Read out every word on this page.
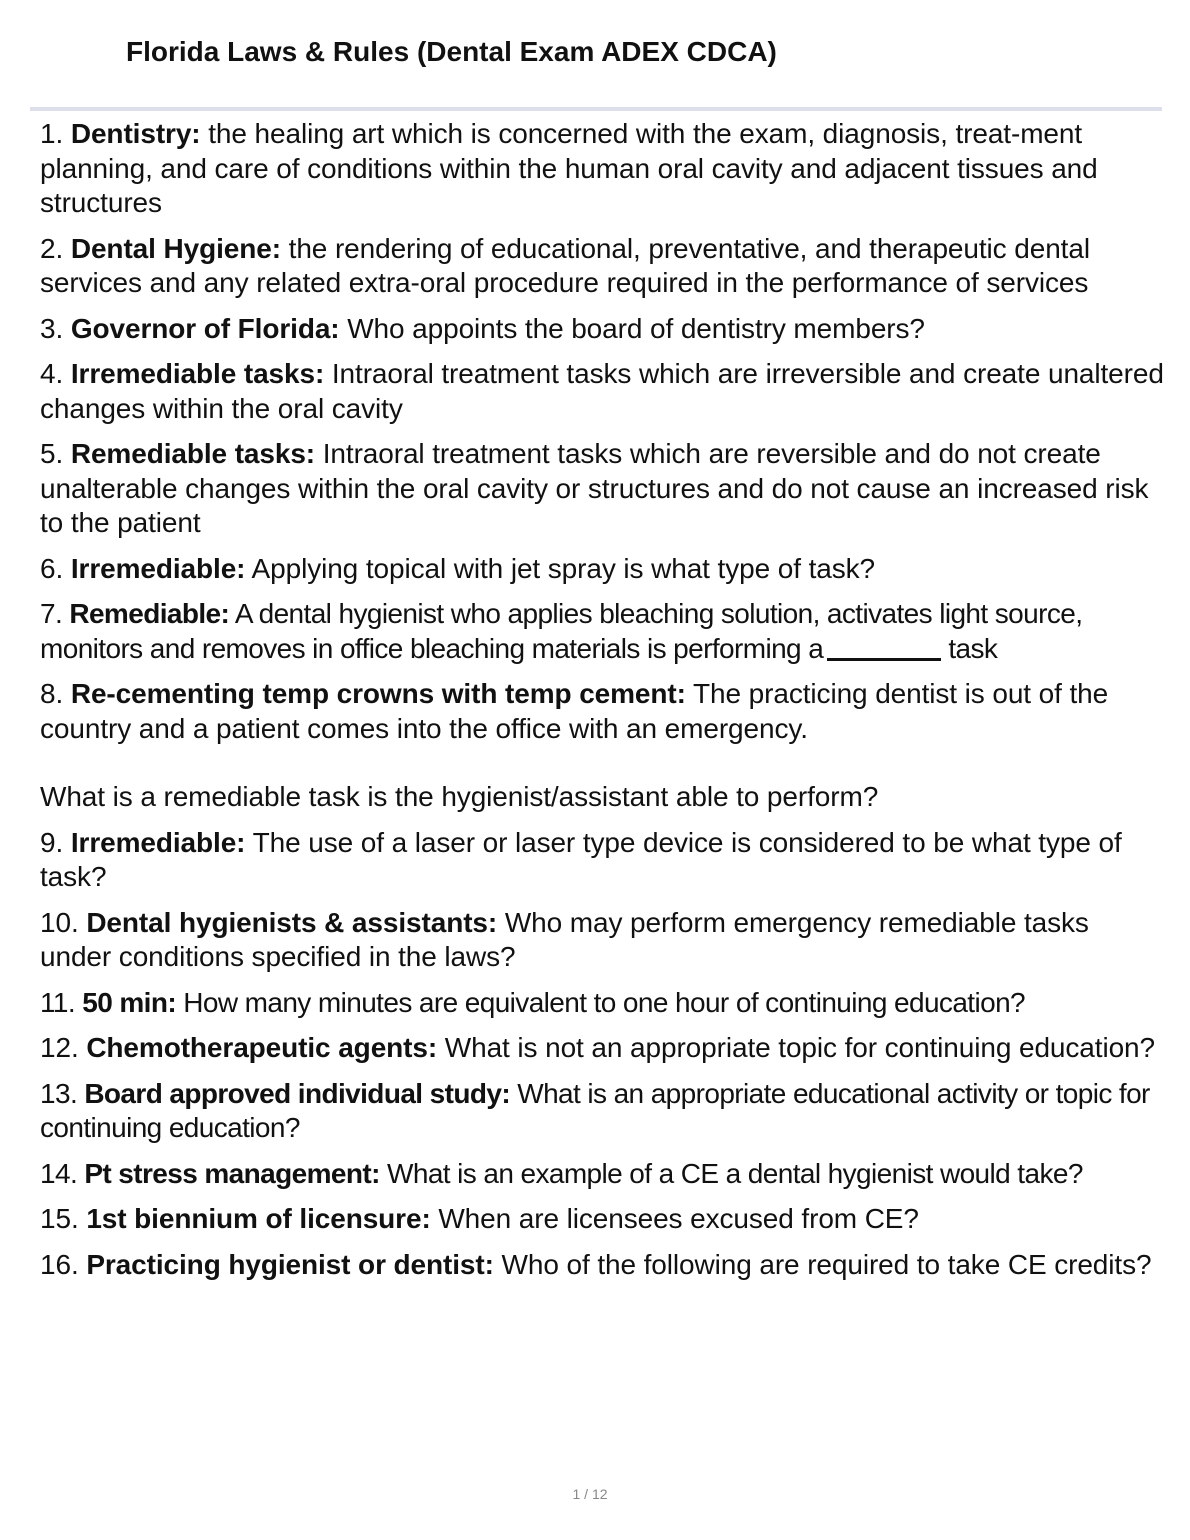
Florida Laws & Rules (Dental Exam ADEX CDCA)
1. Dentistry: the healing art which is concerned with the exam, diagnosis, treat-ment planning, and care of conditions within the human oral cavity and adjacent tissues and structures
2. Dental Hygiene: the rendering of educational, preventative, and therapeutic dental services and any related extra-oral procedure required in the performance of services
3. Governor of Florida: Who appoints the board of dentistry members?
4. Irremediable tasks: Intraoral treatment tasks which are irreversible and create unaltered changes within the oral cavity
5. Remediable tasks: Intraoral treatment tasks which are reversible and do not create unalterable changes within the oral cavity or structures and do not cause an increased risk to the patient
6. Irremediable: Applying topical with jet spray is what type of task?
7. Remediable: A dental hygienist who applies bleaching solution, activates light source, monitors and removes in office bleaching materials is performing a	task
8. Re-cementing temp crowns with temp cement: The practicing dentist is out of the country and a patient comes into the office with an emergency.
What is a remediable task is the hygienist/assistant able to perform?
9. Irremediable: The use of a laser or laser type device is considered to be what type of task?
10. Dental hygienists & assistants: Who may perform emergency remediable tasks under conditions specified in the laws?
11. 50 min: How many minutes are equivalent to one hour of continuing education?
12. Chemotherapeutic agents: What is not an appropriate topic for continuing education?
13. Board approved individual study: What is an appropriate educational activity or topic for continuing education?
14. Pt stress management: What is an example of a CE a dental hygienist would take?
15. 1st biennium of licensure: When are licensees excused from CE?
16. Practicing hygienist or dentist: Who of the following are required to take CE credits?
1 / 12
